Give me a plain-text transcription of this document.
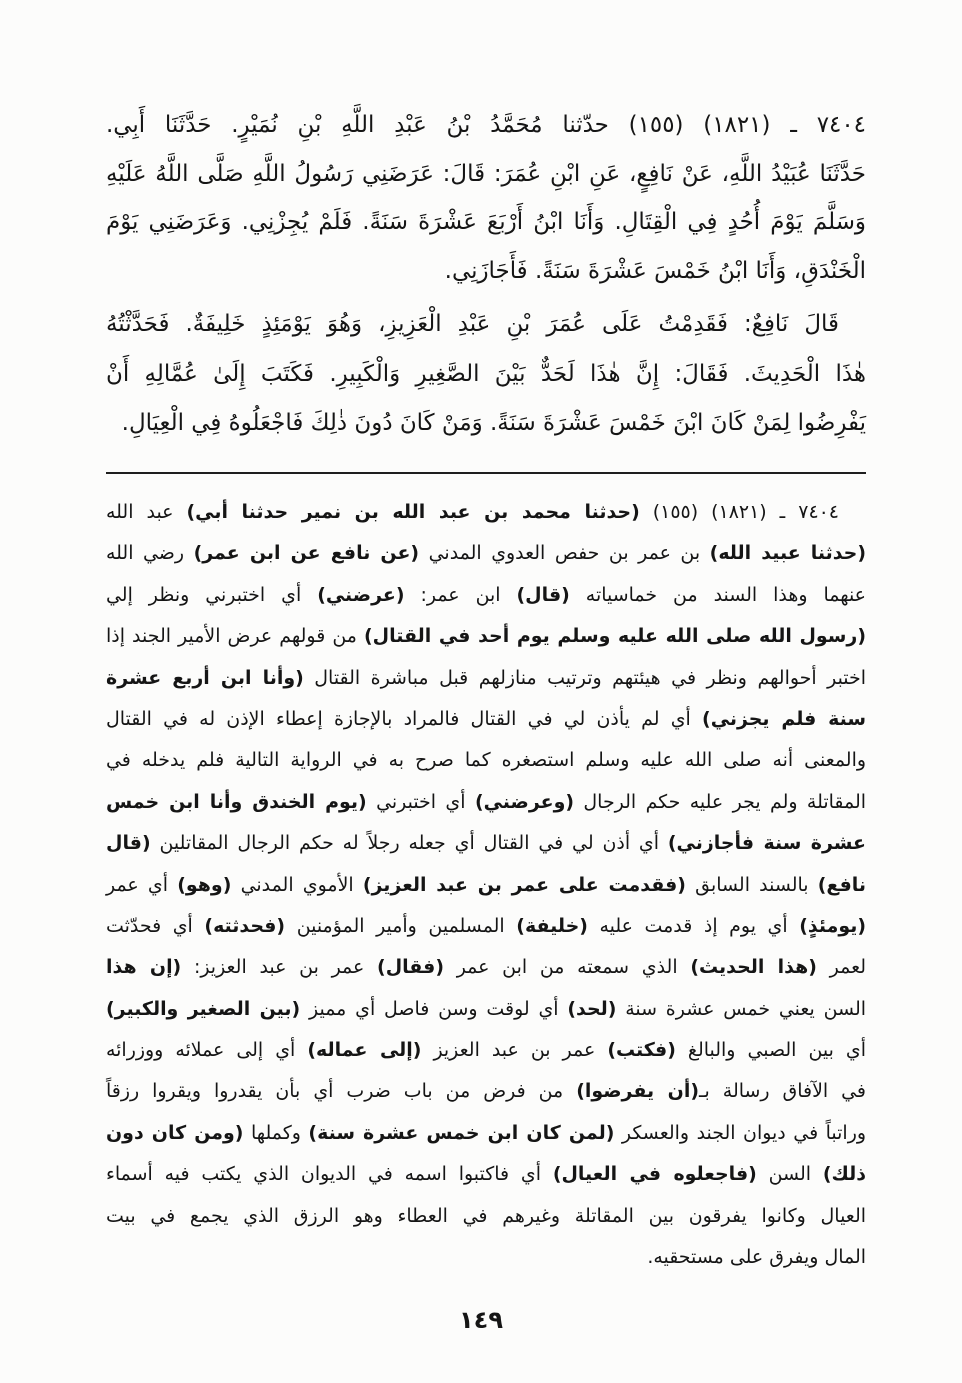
٧٤٠٤ ـ (١٨٢١) (١٥٥) حدّثنا مُحَمَّدُ بْنُ عَبْدِ اللَّهِ بْنِ نُمَيْرٍ. حَدَّثَنَا أَبِي.
حَدَّثَنَا عُبَيْدُ اللَّهِ، عَنْ نَافِعٍ، عَنِ ابْنِ عُمَرَ: قَالَ: عَرَضَنِي رَسُولُ اللَّهِ صَلَّى اللَّهُ عَلَيْهِ
وَسَلَّمَ يَوْمَ أُحُدٍ فِي الْقِتَالِ. وَأَنَا ابْنُ أَرْبَعَ عَشْرَةَ سَنَةً. فَلَمْ يُجِزْنِي. وَعَرَضَنِي يَوْمَ
الْخَنْدَقِ، وَأَنَا ابْنُ خَمْسَ عَشْرَةَ سَنَةً. فَأَجَازَنِي.
قَالَ نَافِعٌ: فَقَدِمْتُ عَلَى عُمَرَ بْنِ عَبْدِ الْعَزِيزِ، وَهُوَ يَوْمَئِذٍ خَلِيفَةٌ. فَحَدَّثْتُهُ
هٰذَا الْحَدِيثَ. فَقَالَ: إِنَّ هٰذَا لَحَدٌّ بَيْنَ الصَّغِيرِ وَالْكَبِيرِ. فَكَتَبَ إِلَىٰ عُمَّالِهِ أَنْ
يَفْرِضُوا لِمَنْ كَانَ ابْنَ خَمْسَ عَشْرَةَ سَنَةً. وَمَنْ كَانَ دُونَ ذٰلِكَ فَاجْعَلُوهُ فِي الْعِيَالِ.
٧٤٠٤ ـ (١٨٢١) (١٥٥) (حدثنا محمد بن عبد الله بن نمير حدثنا أبي) عبد الله
(حدثنا عبيد الله) بن عمر بن حفص العدوي المدني (عن نافع عن ابن عمر) رضي الله
عنهما وهذا السند من خماسياته (قال) ابن عمر: (عرضني) أي اختبرني ونظر إلي
(رسول الله صلى الله عليه وسلم يوم أحد في القتال) من قولهم عرض الأمير الجند إذا
اختبر أحوالهم ونظر في هيئتهم وترتيب منازلهم قبل مباشرة القتال (وأنا ابن أربع عشرة
سنة فلم يجزني) أي لم يأذن لي في القتال فالمراد بالإجازة إعطاء الإذن له في القتال
والمعنى أنه صلى الله عليه وسلم استصغره كما صرح به في الرواية التالية فلم يدخله في
المقاتلة ولم يجر عليه حكم الرجال (وعرضني) أي اختبرني (يوم الخندق وأنا ابن خمس
عشرة سنة فأجازني) أي أذن لي في القتال أي جعله رجلاً له حكم الرجال المقاتلين (قال
نافع) بالسند السابق (فقدمت على عمر بن عبد العزيز) الأموي المدني (وهو) أي عمر
(يومئذٍ) أي يوم إذ قدمت عليه (خليفة) المسلمين وأمير المؤمنين (فحدثته) أي فحدّثت
لعمر (هذا الحديث) الذي سمعته من ابن عمر (فقال) عمر بن عبد العزيز: (إن هذا
السن يعني خمس عشرة سنة (لحد) أي لوقت وسن فاصل أي مميز (بين الصغير والكبير)
أي بين الصبي والبالغ (فكتب) عمر بن عبد العزيز (إلى عماله) أي إلى عملائه ووزرائه
في الآفاق رسالة بـ(أن يفرضوا) من فرض من باب ضرب أي بأن يقدروا ويقروا رزقاً
وراتباً في ديوان الجند والعسكر (لمن كان ابن خمس عشرة سنة) وكملها (ومن كان دون
ذلك) السن (فاجعلوه في العيال) أي فاكتبوا اسمه في الديوان الذي يكتب فيه أسماء
العيال وكانوا يفرقون بين المقاتلة وغيرهم في العطاء وهو الرزق الذي يجمع في بيت
المال ويفرق على مستحقيه.
١٤٩
